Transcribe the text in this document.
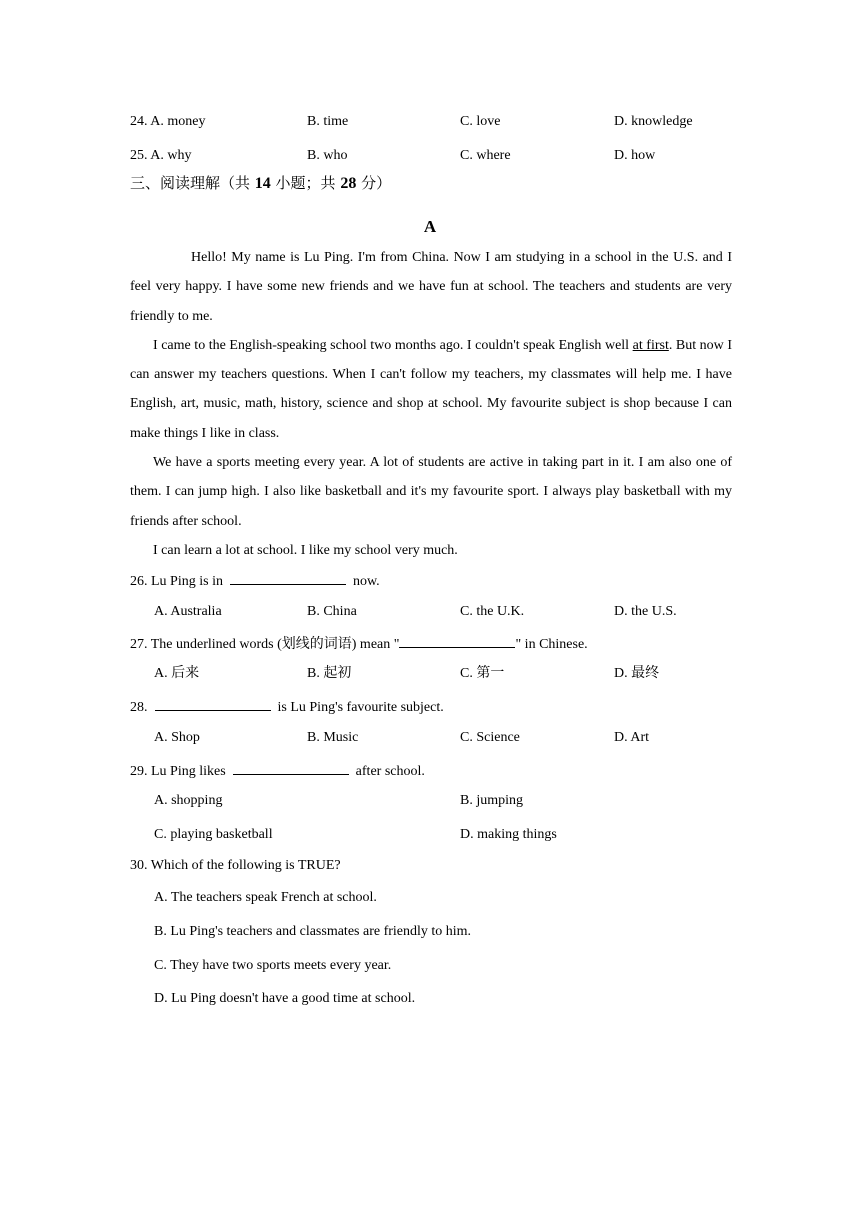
24. A. money	B. time	C. love	D. knowledge
25. A. why	B. who	C. where	D. how
三、阅读理解（共 14 小题；共 28 分）
A

Hello! My name is Lu Ping. I'm from China. Now I am studying in a school in the U.S. and I feel very happy. I have some new friends and we have fun at school. The teachers and students are very friendly to me.

I came to the English-speaking school two months ago. I couldn't speak English well at first. But now I can answer my teachers questions. When I can't follow my teachers, my classmates will help me. I have English, art, music, math, history, science and shop at school. My favourite subject is shop because I can make things I like in class.

We have a sports meeting every year. A lot of students are active in taking part in it. I am also one of them. I can jump high. I also like basketball and it's my favourite sport. I always play basketball with my friends after school.

I can learn a lot at school. I like my school very much.

26. Lu Ping is in	now.
A. Australia	B. China	C. the U.K.	D. the U.S.
27. The underlined words (划线的词语) mean "	" in Chinese.
A. 后来	B. 起初	C. 第一	D. 最终
28.	is Lu Ping's favourite subject.
A. Shop	B. Music	C. Science	D. Art
29. Lu Ping likes	after school.
A. shopping	B. jumping
C. playing basketball	D. making things
30. Which of the following is TRUE?
A. The teachers speak French at school.
B. Lu Ping's teachers and classmates are friendly to him.
C. They have two sports meets every year.
D. Lu Ping doesn't have a good time at school.
